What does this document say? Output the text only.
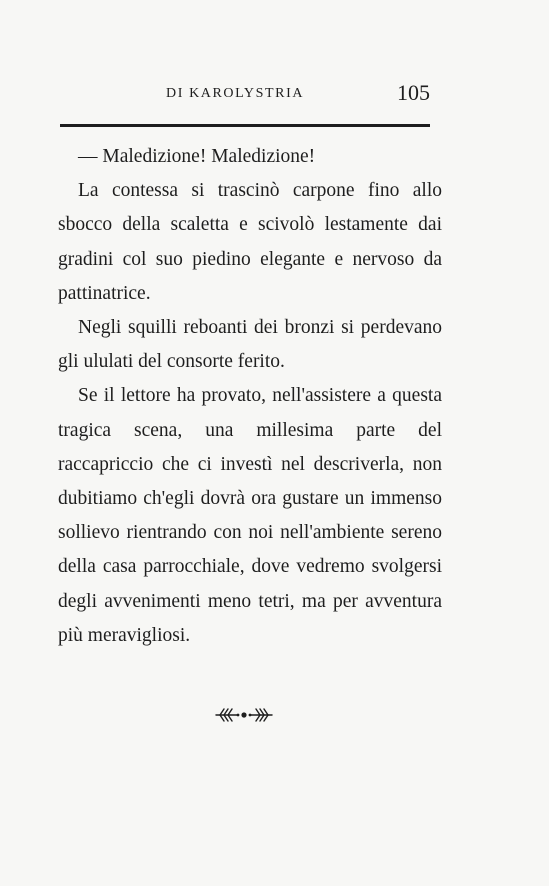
DI KAROLYSTRIA	105

— Maledizione! Maledizione!

La contessa si trascinò carpone fino allo sbocco della scaletta e scivolò lestamente dai gradini col suo piedino elegante e nervoso da pattinatrice.

Negli squilli reboanti dei bronzi si perdevano gli ululati del consorte ferito.

Se il lettore ha provato, nell'assistere a questa tragica scena, una millesima parte del raccapriccio che ci investì nel descriverla, non dubitiamo ch'egli dovrà ora gustare un immenso sollievo rientrando con noi nell'ambiente sereno della casa parrocchiale, dove vedremo svolgersi degli avvenimenti meno tetri, ma per avventura più meravigliosi.
